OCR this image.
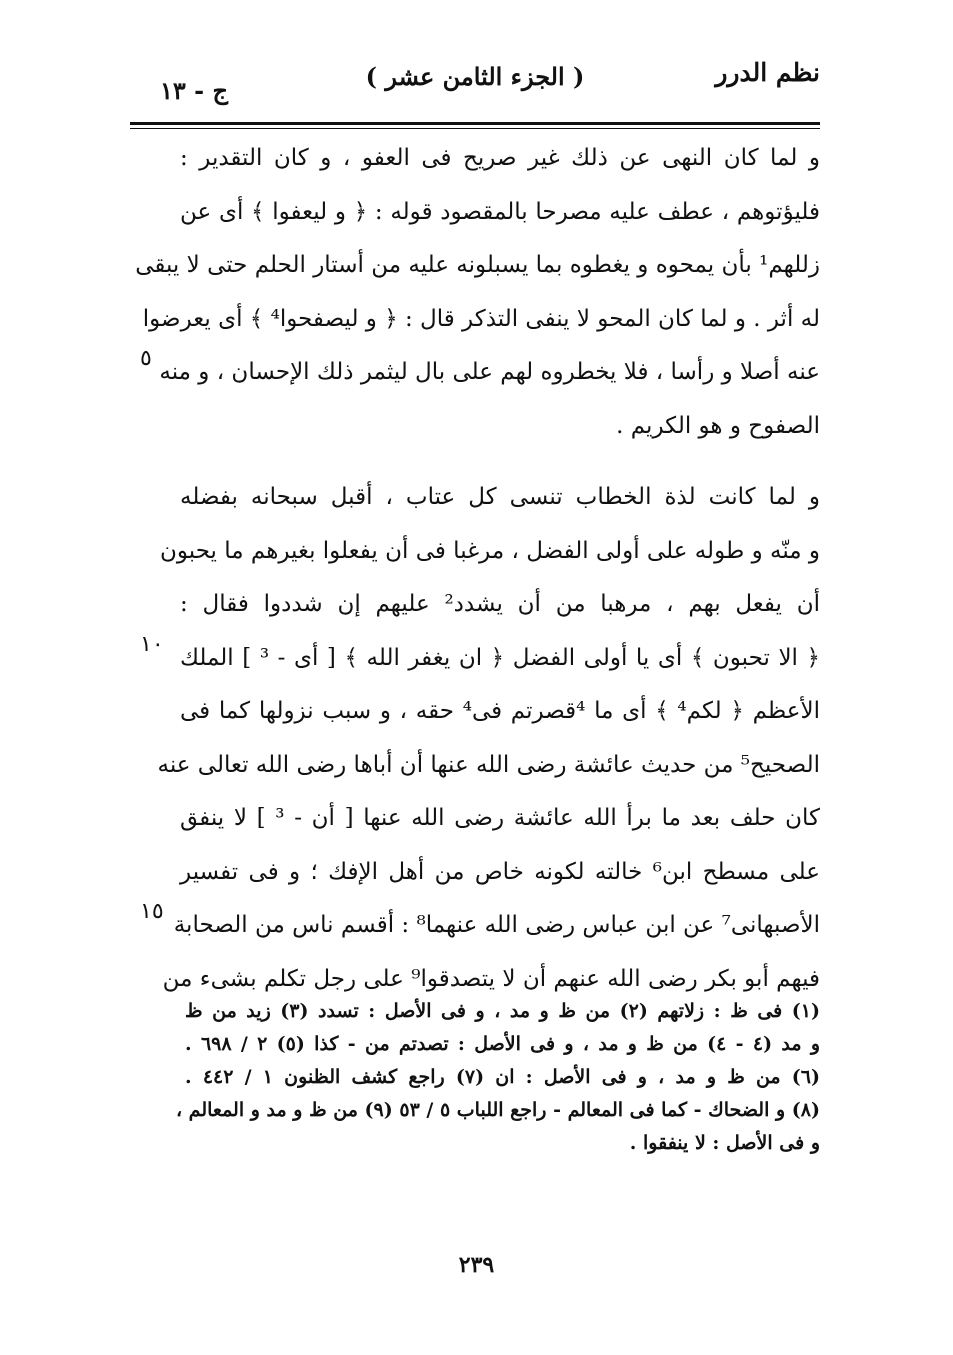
نظم الدرر
( الجزء الثامن عشر )
ج - ١٣
و لما كان النهى عن ذلك غير صريح فى العفو ، و كان التقدير :
فليؤتوهم ، عطف عليه مصرحا بالمقصود قوله : ﴿ و ليعفوا ﴾ أى عن
زللهم¹ بأن يمحوه و يغطوه بما يسبلونه عليه من أستار الحلم حتى لا يبقى
له أثر . و لما كان المحو لا ينفى التذكر قال : ﴿ و ليصفحوا⁴ ﴾ أى يعرضوا
عنه أصلا و رأسا ، فلا يخطروه لهم على بال ليثمر ذلك الإحسان ، و منه
٥
الصفوح و هو الكريم .
و لما كانت لذة الخطاب تنسى كل عتاب ، أقبل سبحانه بفضله
و منّه و طوله على أولى الفضل ، مرغبا فى أن يفعلوا بغيرهم ما يحبون
أن يفعل بهم ، مرهبا من أن يشدد² عليهم إن شددوا فقال :
﴿ الا تحبون ﴾ أى يا أولى الفضل ﴿ ان يغفر الله ﴾ [ أى - ³ ] الملك
١٠
الأعظم ﴿ لكم⁴ ﴾ أى ما ⁴قصرتم فى⁴ حقه ، و سبب نزولها كما فى
الصحيح⁵ من حديث عائشة رضى الله عنها أن أباها رضى الله تعالى عنه
كان حلف بعد ما برأ الله عائشة رضى الله عنها [ أن - ³ ] لا ينفق
على مسطح ابن⁶ خالته لكونه خاص من أهل الإفك ؛ و فى تفسير
الأصبهانى⁷ عن ابن عباس رضى الله عنهما⁸ : أقسم ناس من الصحابة
١٥
فيهم أبو بكر رضى الله عنهم أن لا يتصدقوا⁹ على رجل تكلم بشىء من
(١) فى ظ : زلاتهم (٢) من ظ و مد ، و فى الأصل : تسدد (٣) زيد من ظ
و مد (٤ - ٤) من ظ و مد ، و فى الأصل : تصدتم من - كذا (٥) ٢ / ٦٩٨ .
(٦) من ظ و مد ، و فى الأصل : ان (٧) راجع كشف الظنون ١ / ٤٤٢ .
(٨) و الضحاك - كما فى المعالم - راجع اللباب ٥ / ٥٣ (٩) من ظ و مد و المعالم ،
و فى الأصل : لا ينفقوا .
٢٣٩
